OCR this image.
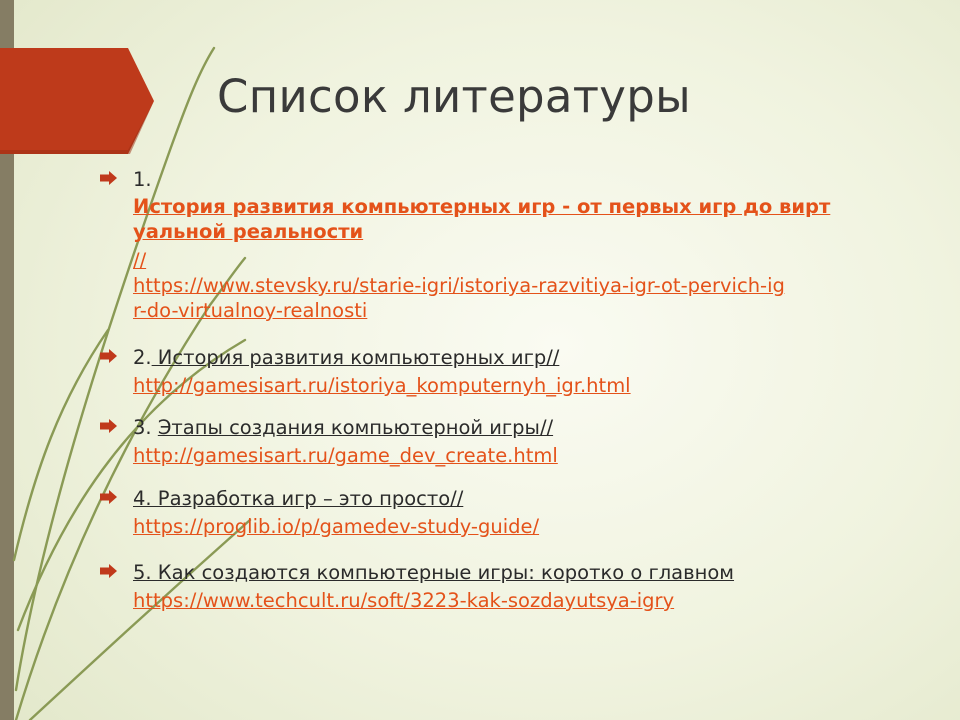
Список литературы
1.
История развития компьютерных игр - от первых игр до вирт
уальной реальности
//
https://www.stevsky.ru/starie-igri/istoriya-razvitiya-igr-ot-pervich-ig
r-do-virtualnoy-realnosti
2. История развития компьютерных игр//
http://gamesisart.ru/istoriya_komputernyh_igr.html
3. Этапы создания компьютерной игры//
http://gamesisart.ru/game_dev_create.html
4. Разработка игр – это просто//
https://proglib.io/p/gamedev-study-guide/
5. Как создаются компьютерные игры: коротко о главном
https://www.techcult.ru/soft/3223-kak-sozdayutsya-igry
